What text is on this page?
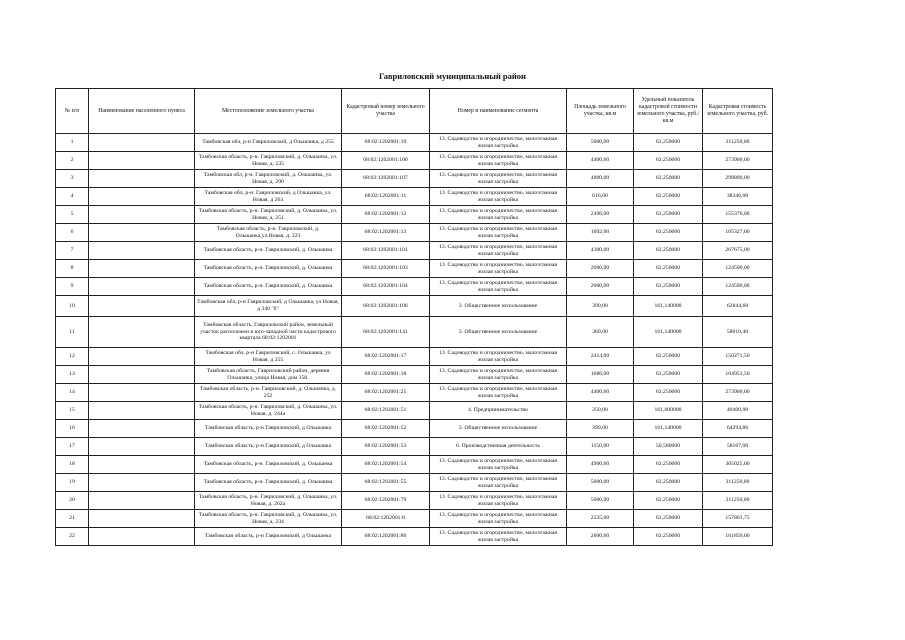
Гавриловский муниципальный район
№ п/п	Наименование населенного пункта	Местоположение земельного участка	Кадастровый номер земельного участка	Номер и наименование сегмента	Площадь земельного участка, кв.м	Удельный показатель кадастровой стоимости земельного участка, руб./кв.м	Кадастровая стоимость земельного участка, руб.
1		Тамбовская обл, р-н Гавриловский, д Ольшанка, д 255	68:02:1202001:10	13. Садоводство и огородничество, малоэтажная жилая застройка	5000,00	62,250000	311250,00
2		Тамбовская область, р-н. Гавриловский, д. Ольшанка, ул. Новая, д. 235	68:02:1202001:100	13. Садоводство и огородничество, малоэтажная жилая застройка	4400,00	62,250000	273900,00
3		Тамбовская обл, р-н. Гавриловский, д. Ольшанка, ул. Новая, д. 290	68:02:1202001:107	13. Садоводство и огородничество, малоэтажная жилая застройка	4800,00	62,250000	298800,00
4		Тамбовская обл, р-н. Гавриловский, д Ольшанка, ул. Новая, д 263	68:02:1202001:11	13. Садоводство и огородничество, малоэтажная жилая застройка	616,00	62,250000	38346,00
5		Тамбовская область, р-н. Гавриловский, д. Ольшанка, ул. Новая, д. 251	68:02:1202001:12	13. Садоводство и огородничество, малоэтажная жилая застройка	2496,00	62,250000	155376,00
6		Тамбовская область, р-н. Гавриловский, д. Ольшанка,ул.Новая, д. 223	68:02:1202001:13	13. Садоводство и огородничество, малоэтажная жилая застройка	1692,00	62,250000	105327,00
7		Тамбовская область, р-н. Гавриловский, д. Ольшанка	68:02:1202001:101	13. Садоводство и огородничество, малоэтажная жилая застройка	4300,00	62,250000	267675,00
8		Тамбовская область, р-н. Гавриловский, д. Ольшанка	68:02:1202001:103	13. Садоводство и огородничество, малоэтажная жилая застройка	2000,00	62,250000	124500,00
9		Тамбовская область, р-н. Гавриловский, д. Ольшанка	68:02:1202001:104	13. Садоводство и огородничество, малоэтажная жилая застройка	2000,00	62,250000	124500,00
10		Тамбовская обл, р-н Гавриловский, д Ольшанка, ул Новая, д 340 "б"	68:02:1202001:106	3. Общественное использование	390,00	161,140000	62844,60
11		Тамбовская область, Гавриловский район, земельный участок расположен в юго-западной части кадастрового квартала 68:02:1202001	68:02:1202001:141	3. Общественное использование	360,00	161,140000	58010,40
12		Тамбовская обл, р-н Гавриловский, с. Ольшанка, ул Новая, д 255	68:02:1202001:17	13. Садоводство и огородничество, малоэтажная жилая застройка	2414,00	62,250000	150271,50
13		Тамбовская область, Гавриловский район, деревня Ольшанка, улица Новая, дом 358.	68:02:1202001:18	13. Садоводство и огородничество, малоэтажная жилая застройка	1686,00	62,250000	104953,50
14		Тамбовская область, р-н. Гавриловский, д. Ольшанка, д. 252	68:02:1202001:25	13. Садоводство и огородничество, малоэтажная жилая застройка	4400,00	62,250000	273900,00
15		Тамбовская область, р-н. Гавриловский, д. Ольшанка, ул. Новая, д. 244а	68:02:1202001:51	4. Предпринимательство	250,00	161,600000	40400,00
16		Тамбовская область, р-н Гавриловский, д Ольшанка	68:02:1202001:52	3. Общественное использование	399,00	161,140000	64294,86
17		Тамбовская область, р-н Гавриловский, д Ольшанка	68:02:1202001:53	6. Производственная деятельность	1150,00	50,580000	58167,00
18		Тамбовская область, р-н. Гавриловский, д. Ольшанка	68:02:1202001:54	13. Садоводство и огородничество, малоэтажная жилая застройка	4900,00	62,250000	305025,00
19		Тамбовская область, р-н. Гавриловский, д. Ольшанка	68:02:1202001:55	13. Садоводство и огородничество, малоэтажная жилая застройка	5000,00	62,250000	311250,00
20		Тамбовская область, р-н. Гавриловский, д. Ольшанка, ул. Новая, д. 262а	68:02:1202001:79	13. Садоводство и огородничество, малоэтажная жилая застройка	5000,00	62,250000	311250,00
21		Тамбовская область, р-н. Гавриловский, д. Ольшанка, ул. Новая, д. 234	68:02:1202001:8	13. Садоводство и огородничество, малоэтажная жилая застройка	2535,00	62,250000	157803,75
22		Тамбовская область, р-н Гавриловский, д Ольшанка	68:02:1202001:80	13. Садоводство и огородничество, малоэтажная жилая застройка	2600,00	62,250000	161850,00
